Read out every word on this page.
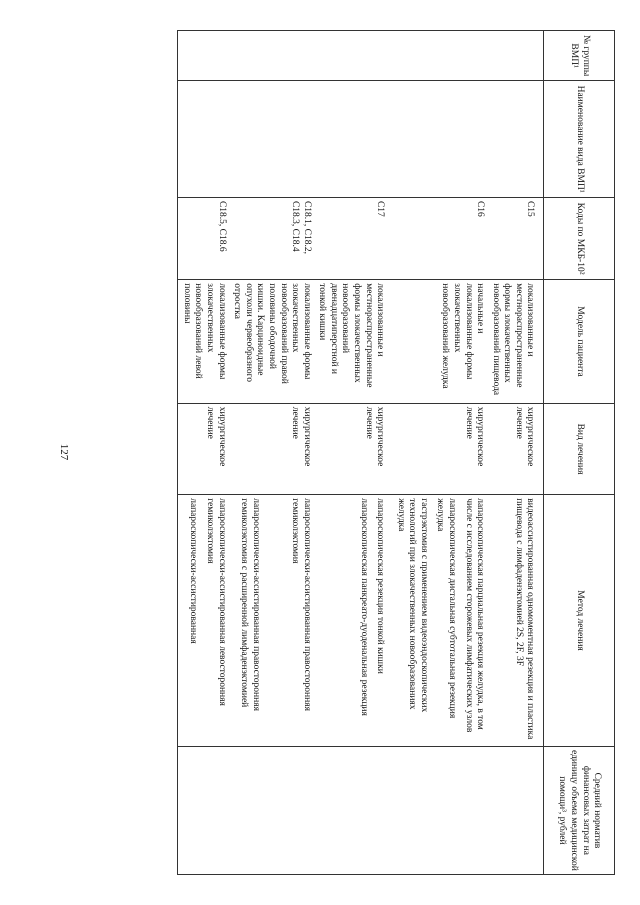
127
№ группы ВМП¹	Наименование вида ВМП¹	Коды по МКБ-10²	Модель пациента	Вид лечения	Метод лечения	Средний норматив финансовых затрат на единицу объема медицинской помощи³, рублей

		С15	локализованные и местнораспространенные формы злокачественных новообразований пищевода	хирургическое лечение	видеоассистированная одномоментная резекция и пластика пищевода с лимфаденэктомией 2S, 2F, 3F	

		С16	начальные и локализованные формы злокачественных новообразований желудка	хирургическое лечение	лапароскопическая парциальная резекция желудка, в том числе с исследованием сторожевых лимфатических узлов

лапароскопическая дистальная субтотальная резекция желудка

гастрэктомия с применением видеоэндоскопических технологий при злокачественных новообразованиях желудка	

		С17	локализованные и местнораспространенные формы злокачественных новообразований двенадцатиперстной и тонкой кишки	хирургическое лечение	лапароскопическая резекция тонкой кишки

лапароскопическая панкреато-дуоденальная резекция	

		С18.1, С18.2, С18.3, С18.4	локализованные формы злокачественных новообразований правой половины ободочной кишки. Карциноидные опухоли червеобразного отростка	хирургическое лечение	лапароскопически-ассистированная правосторонняя гемиколэктомия

лапароскопически-ассистированная правосторонняя гемиколэктомия с расширенной лимфаденэктомией	

		С18.5, С18.6	локализованные формы злокачественных новообразований левой половины	хирургическое лечение	лапароскопически-ассистированная левосторонняя гемиколэктомия

лапароскопически-ассистированная	
